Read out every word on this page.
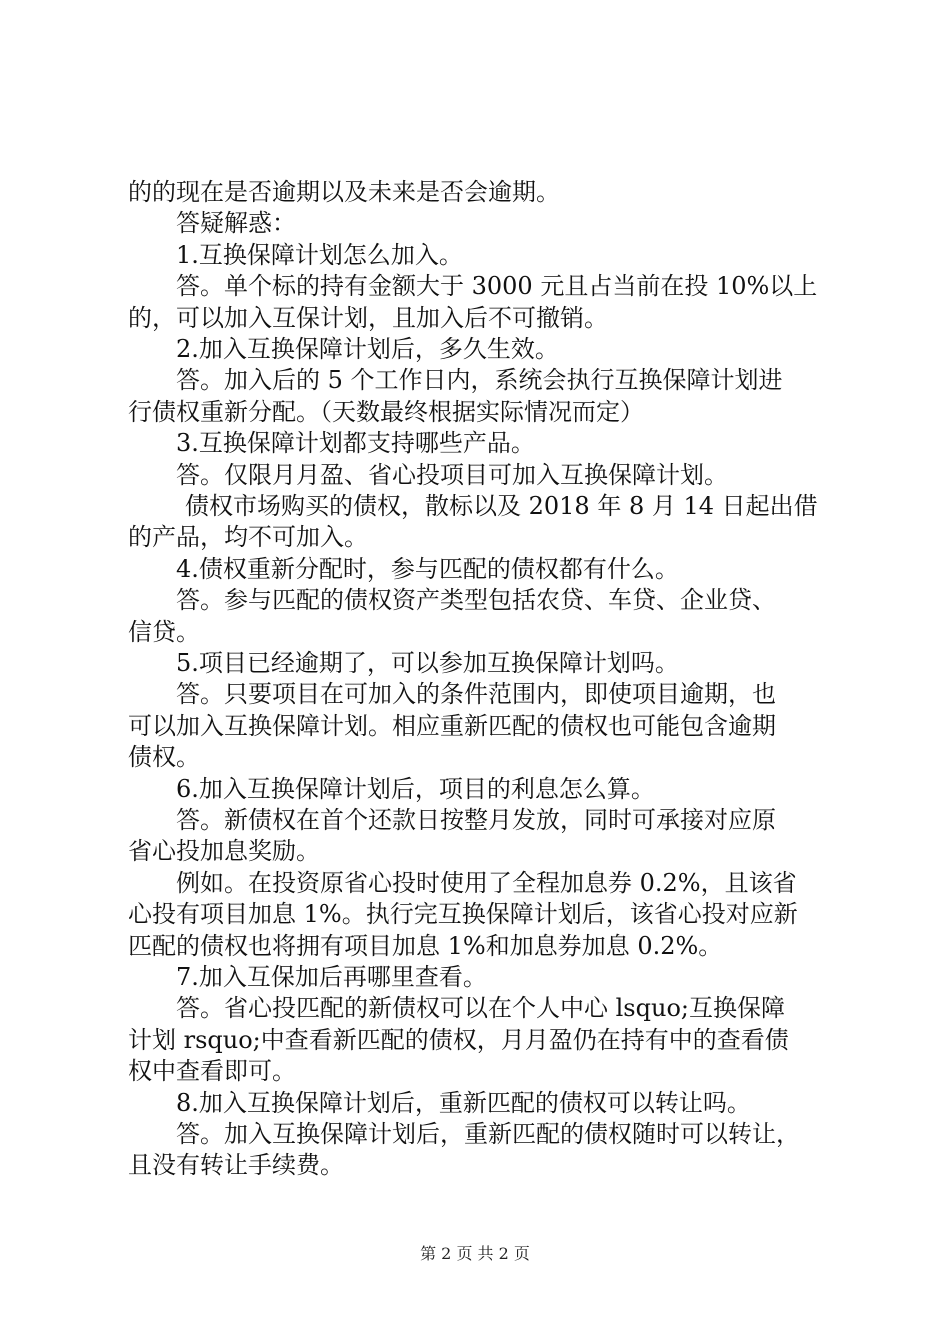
的的现在是否逾期以及未来是否会逾期。
答疑解惑：
1.互换保障计划怎么加入。
答。单个标的持有金额大于 3000 元且占当前在投 10%以上
的，可以加入互保计划，且加入后不可撤销。
2.加入互换保障计划后，多久生效。
答。加入后的 5 个工作日内，系统会执行互换保障计划进
行债权重新分配。（天数最终根据实际情况而定）
3.互换保障计划都支持哪些产品。
答。仅限月月盈、省心投项目可加入互换保障计划。
债权市场购买的债权，散标以及 2018 年 8 月 14 日起出借
的产品，均不可加入。
4.债权重新分配时，参与匹配的债权都有什么。
答。参与匹配的债权资产类型包括农贷、车贷、企业贷、
信贷。
5.项目已经逾期了，可以参加互换保障计划吗。
答。只要项目在可加入的条件范围内，即使项目逾期，也
可以加入互换保障计划。相应重新匹配的债权也可能包含逾期
债权。
6.加入互换保障计划后，项目的利息怎么算。
答。新债权在首个还款日按整月发放，同时可承接对应原
省心投加息奖励。
例如。在投资原省心投时使用了全程加息券 0.2%，且该省
心投有项目加息 1%。执行完互换保障计划后，该省心投对应新
匹配的债权也将拥有项目加息 1%和加息券加息 0.2%。
7.加入互保加后再哪里查看。
答。省心投匹配的新债权可以在个人中心 lsquo;互换保障
计划 rsquo;中查看新匹配的债权，月月盈仍在持有中的查看债
权中查看即可。
8.加入互换保障计划后，重新匹配的债权可以转让吗。
答。加入互换保障计划后，重新匹配的债权随时可以转让，
且没有转让手续费。
第 2 页 共 2 页
